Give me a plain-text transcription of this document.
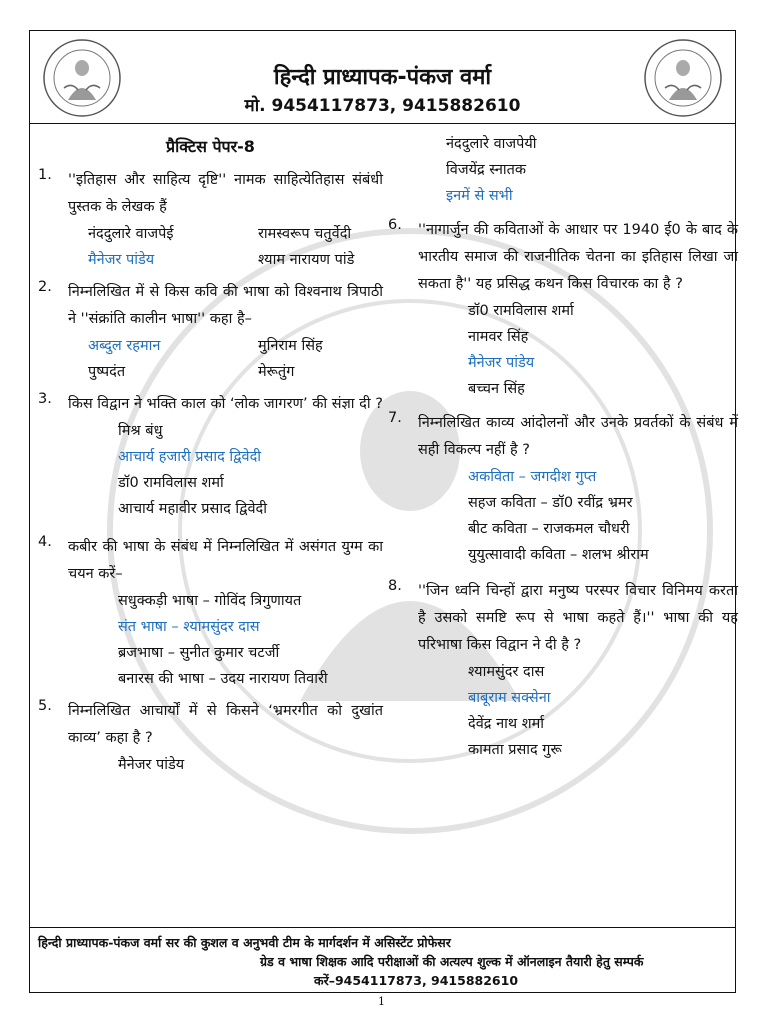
हिन्दी प्राध्यापक-पंकज वर्मा
मो. 9454117873, 9415882610
प्रैक्टिस पेपर-8
1. ''इतिहास और साहित्य दृष्टि'' नामक साहित्येतिहास संबंधी पुस्तक के लेखक हैं
नंददुलारे वाजपेई	रामस्वरूप चतुर्वेदी
मैनेजर पांडेय	श्याम नारायण पांडे
2. निम्नलिखित में से किस कवि की भाषा को विश्वनाथ त्रिपाठी ने ''संक्रांति कालीन भाषा'' कहा है–
अब्दुल रहमान	मुनिराम सिंह
पुष्पदंत	मेरूतुंग
3. किस विद्वान ने भक्ति काल को ‘लोक जागरण’ की संज्ञा दी ?
मिश्र बंधु
आचार्य हजारी प्रसाद द्विवेदी
डॉ0 रामविलास शर्मा
आचार्य महावीर प्रसाद द्विवेदी
4. कबीर की भाषा के संबंध में निम्नलिखित में असंगत युग्म का चयन करें–
सधुक्कड़ी भाषा – गोविंद त्रिगुणायत
संत भाषा – श्यामसुंदर दास
ब्रजभाषा – सुनीत कुमार चटर्जी
बनारस की भाषा – उदय नारायण तिवारी
5. निम्नलिखित आचार्यों में से किसने ‘भ्रमरगीत को दुखांत काव्य’ कहा है ?
मैनेजर पांडेय
नंददुलारे वाजपेयी
विजयेंद्र स्नातक
इनमें से सभी
6. ''नागार्जुन की कविताओं के आधार पर 1940 ई0 के बाद के भारतीय समाज की राजनीतिक चेतना का इतिहास लिखा जा सकता है'' यह प्रसिद्ध कथन किस विचारक का है ?
डॉ0 रामविलास शर्मा
नामवर सिंह
मैनेजर पांडेय
बच्चन सिंह
7. निम्नलिखित काव्य आंदोलनों और उनके प्रवर्तकों के संबंध में सही विकल्प नहीं है ?
अकविता – जगदीश गुप्त
सहज कविता – डॉ0 रवींद्र भ्रमर
बीट कविता – राजकमल चौधरी
युयुत्सावादी कविता – शलभ श्रीराम
8. ''जिन ध्वनि चिन्हों द्वारा मनुष्य परस्पर विचार विनिमय करता है उसको समष्टि रूप से भाषा कहते हैं।'' भाषा की यह परिभाषा किस विद्वान ने दी है ?
श्यामसुंदर दास
बाबूराम सक्सेना
देवेंद्र नाथ शर्मा
कामता प्रसाद गुरू
हिन्दी प्राध्यापक-पंकज वर्मा सर की कुशल व अनुभवी टीम के मार्गदर्शन में असिस्टेंट प्रोफेसर
ग्रेड व भाषा शिक्षक आदि परीक्षाओं की अत्यल्प शुल्क में ऑनलाइन तैयारी हेतु सम्पर्क
करें–9454117873, 9415882610
1
